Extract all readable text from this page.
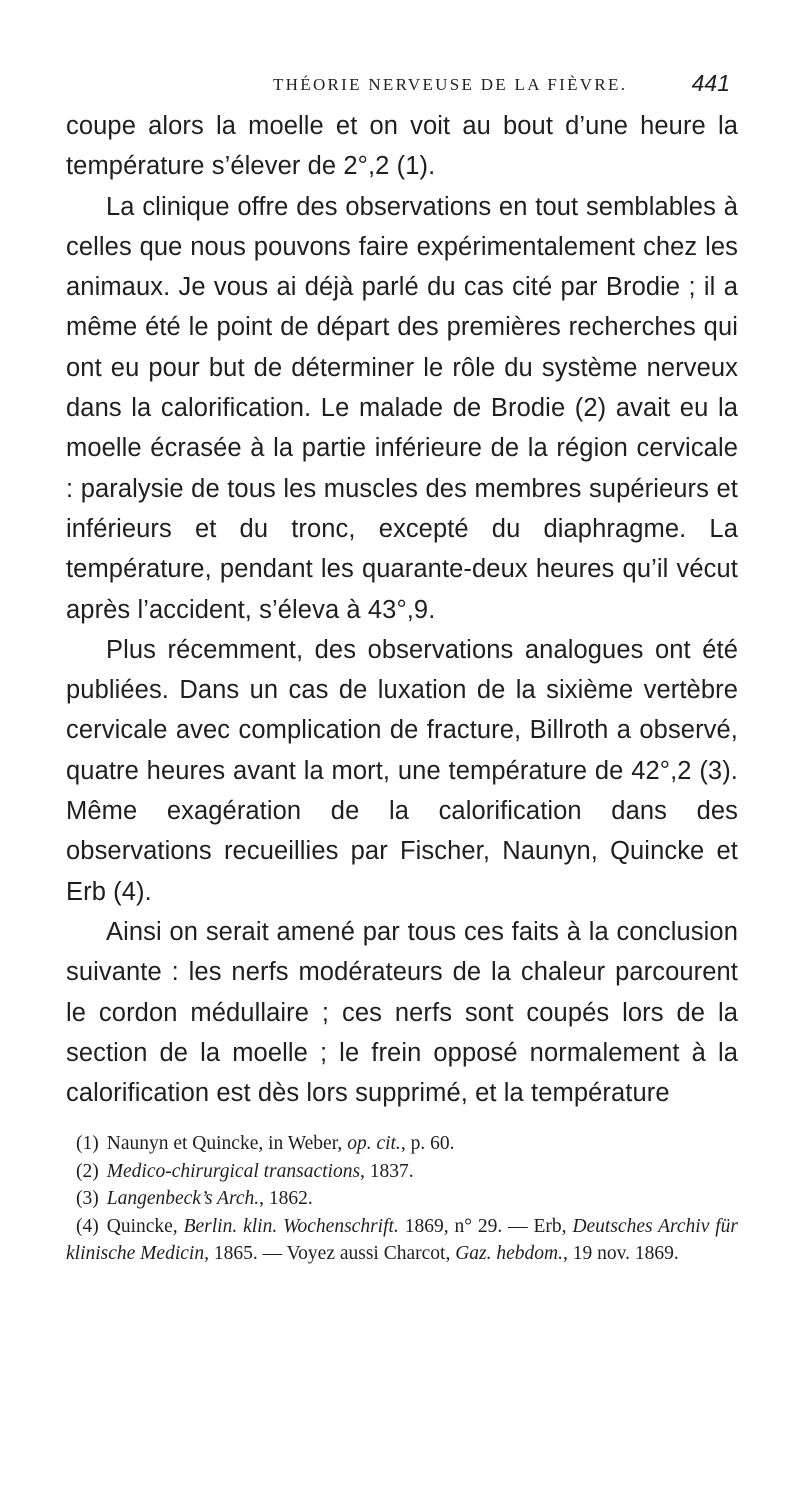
THÉORIE NERVEUSE DE LA FIÈVRE.	441

coupe alors la moelle et on voit au bout d’une heure la température s’élever de 2°,2 (1).

La clinique offre des observations en tout semblables à celles que nous pouvons faire expérimentalement chez les animaux. Je vous ai déjà parlé du cas cité par Brodie ; il a même été le point de départ des premières recherches qui ont eu pour but de déterminer le rôle du système nerveux dans la calorification. Le malade de Brodie (2) avait eu la moelle écrasée à la partie inférieure de la région cervicale : paralysie de tous les muscles des membres supérieurs et inférieurs et du tronc, excepté du diaphragme. La température, pendant les quarante-deux heures qu’il vécut après l’accident, s’éleva à 43°,9.

Plus récemment, des observations analogues ont été publiées. Dans un cas de luxation de la sixième vertèbre cervicale avec complication de fracture, Billroth a observé, quatre heures avant la mort, une température de 42°,2 (3). Même exagération de la calorification dans des observations recueillies par Fischer, Naunyn, Quincke et Erb (4).

Ainsi on serait amené par tous ces faits à la conclusion suivante : les nerfs modérateurs de la chaleur parcourent le cordon médullaire ; ces nerfs sont coupés lors de la section de la moelle ; le frein opposé normalement à la calorification est dès lors supprimé, et la température

(1) Naunyn et Quincke, in Weber, op. cit., p. 60.

(2) Medico-chirurgical transactions, 1837.

(3) Langenbeck’s Arch., 1862.

(4) Quincke, Berlin. klin. Wochenschrift. 1869, n° 29. — Erb, Deutsches Archiv für klinische Medicin, 1865. — Voyez aussi Charcot, Gaz. hebdom., 19 nov. 1869.
